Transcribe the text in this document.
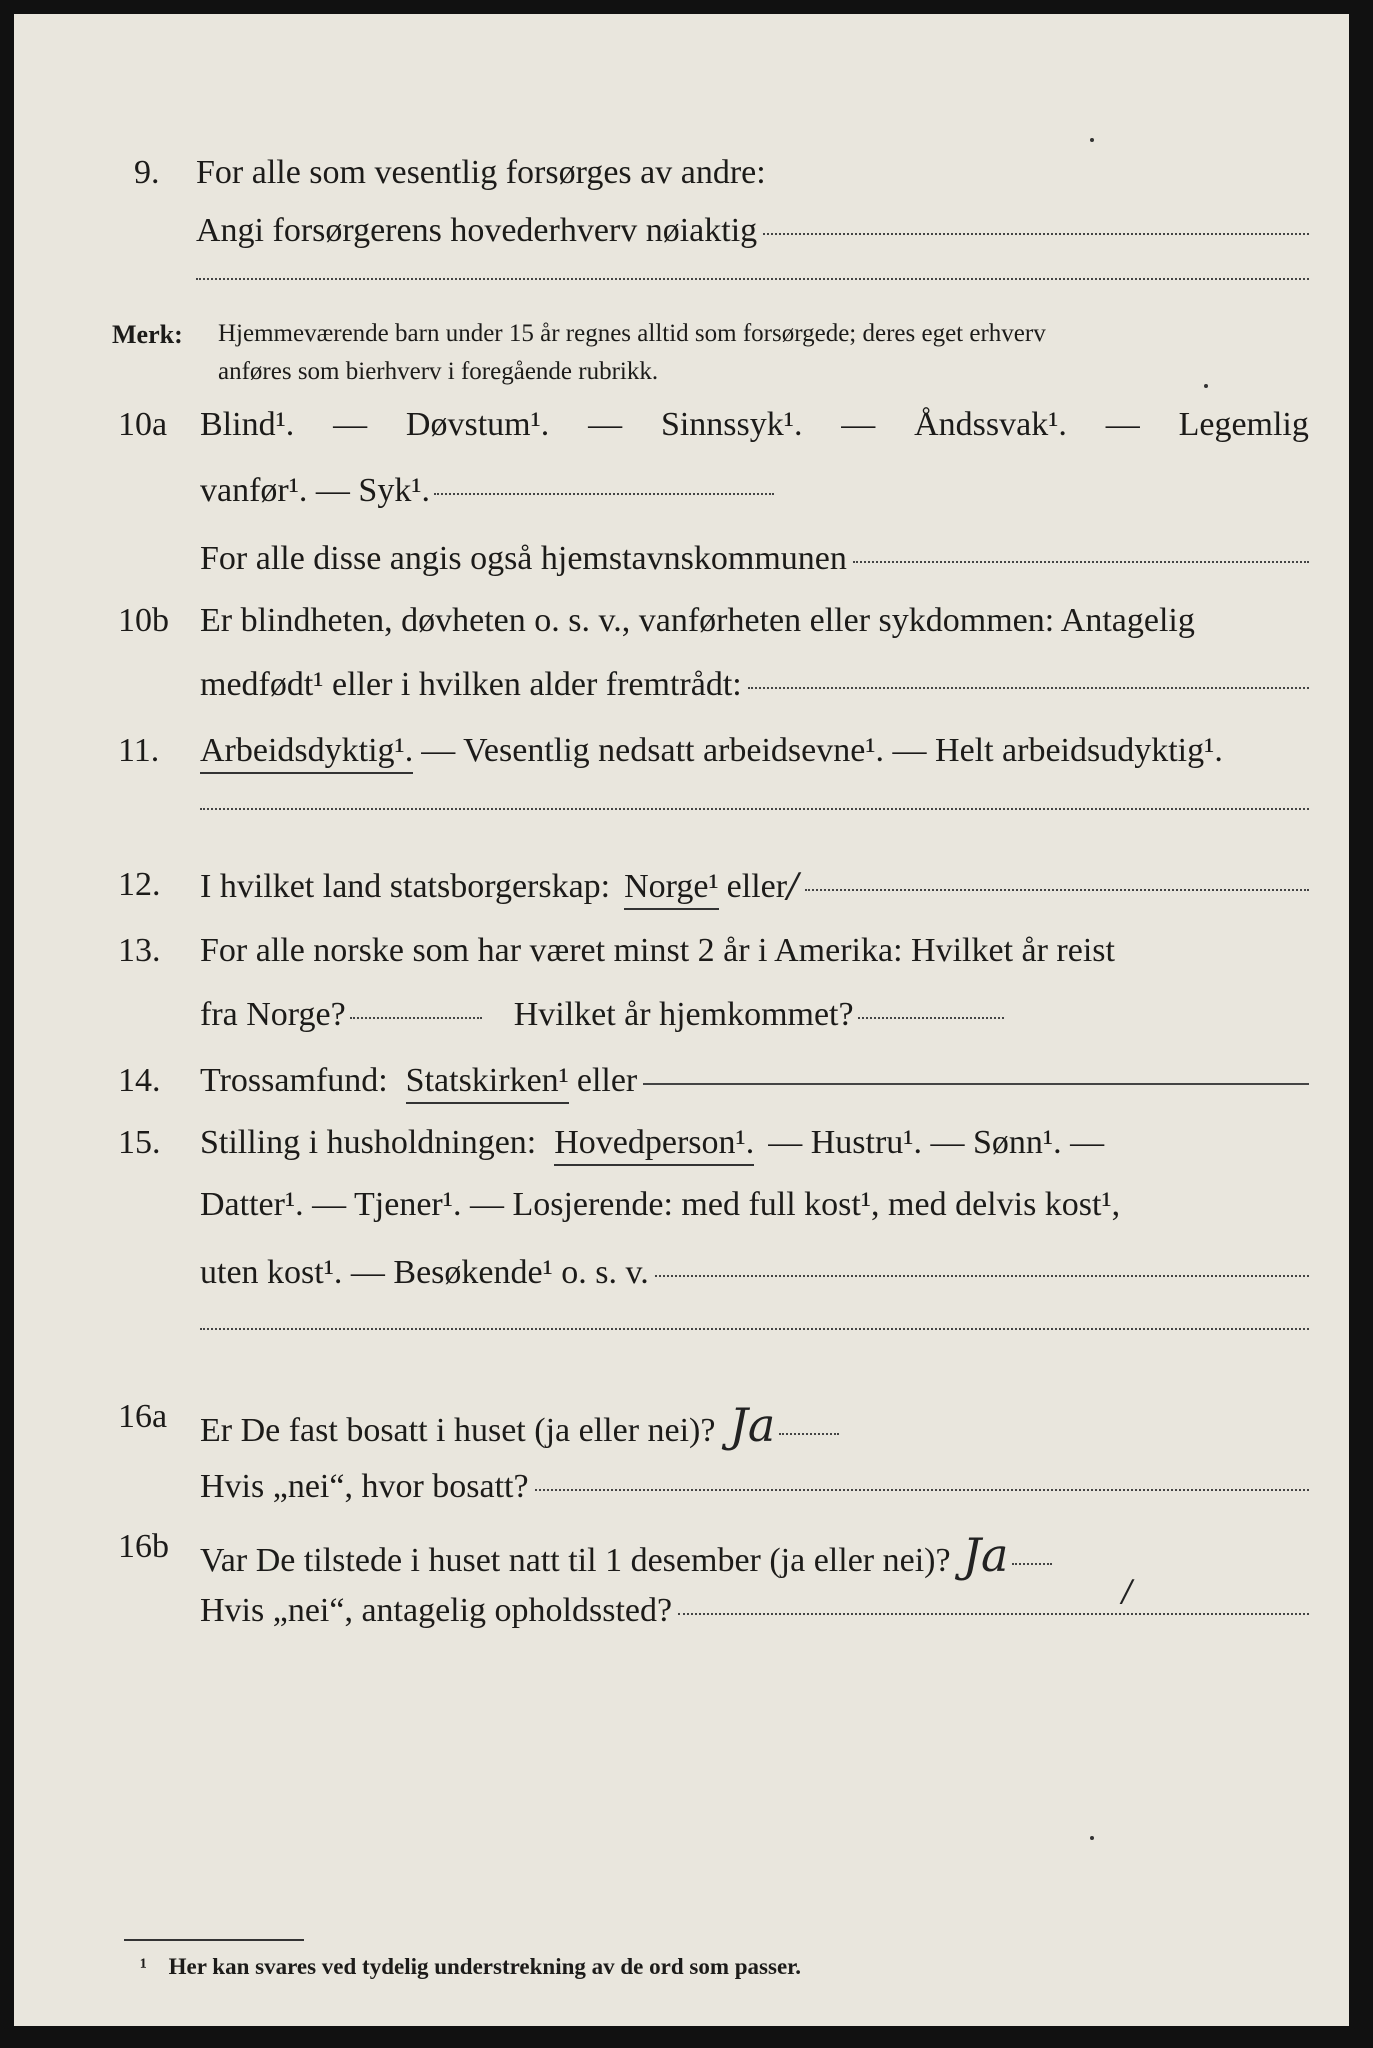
9.	For alle som vesentlig forsørges av andre:
Angi forsørgerens hovederhverv nøiaktig
Merk:	Hjemmeværende barn under 15 år regnes alltid som forsørgede; deres eget erhverv
anføres som bierhverv i foregående rubrikk.
10a Blind¹. — Døvstum¹. — Sinnssyk¹. — Åndssvak¹. — Legemlig
vanfør¹. — Syk¹.
For alle disse angis også hjemstavnskommunen
10b Er blindheten, døvheten o. s. v., vanførheten eller sykdommen: Antagelig
medfødt¹ eller i hvilken alder fremtrådt:
11.	Arbeidsdyktig¹. — Vesentlig nedsatt arbeidsevne¹. — Helt arbeidsudyktig¹.
12.	I hvilket land statsborgerskap: Norge¹ eller /
13.	For alle norske som har været minst 2 år i Amerika: Hvilket år reist
fra Norge?	Hvilket år hjemkommet?
14.	Trossamfund: Statskirken¹ eller
15.	Stilling i husholdningen: Hovedperson¹. — Hustru¹. — Sønn¹. —
Datter¹. — Tjener¹. — Losjerende: med full kost¹, med delvis kost¹,
uten kost¹. — Besøkende¹ o. s. v.
16a Er De fast bosatt i huset (ja eller nei)? Ja
Hvis „nei“, hvor bosatt?
16b Var De tilstede i huset natt til 1 desember (ja eller nei)? Ja
Hvis „nei“, antagelig opholdssted?
/
¹ Her kan svares ved tydelig understrekning av de ord som passer.
